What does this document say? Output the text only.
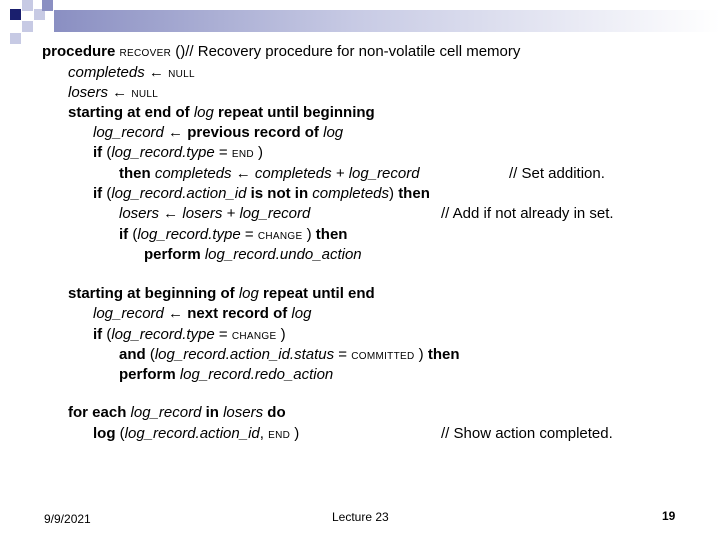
procedure RECOVER ()// Recovery procedure for non-volatile cell memory
completeds ← NULL
losers ← NULL
starting at end of log repeat until beginning
log_record ← previous record of log
if (log_record.type = END )
then completeds ← completeds + log_record	// Set addition.
if (log_record.action_id is not in completeds) then
losers ← losers + log_record	// Add if not already in set.
if (log_record.type = CHANGE ) then
perform log_record.undo_action
starting at beginning of log repeat until end
log_record ← next record of log
if (log_record.type = CHANGE )
and (log_record.action_id.status = COMMITTED ) then
perform log_record.redo_action
for each log_record in losers do
log (log_record.action_id, END )	// Show action completed.
9/9/2021	Lecture 23	19
